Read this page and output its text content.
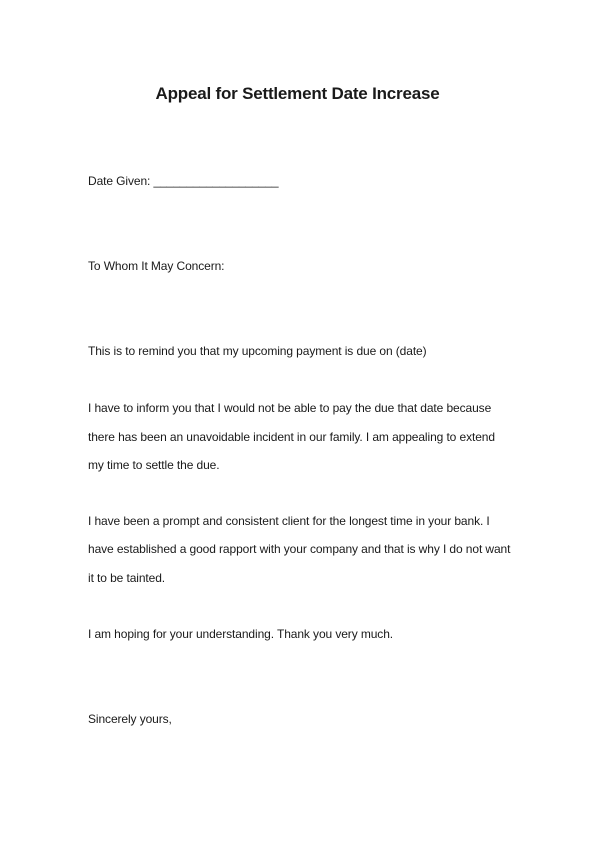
Appeal for Settlement Date Increase
Date Given: ___________________
To Whom It May Concern:
This is to remind you that my upcoming payment is due on (date)
I have to inform you that I would not be able to pay the due that date because
there has been an unavoidable incident in our family. I am appealing to extend
my time to settle the due.
I have been a prompt and consistent client for the longest time in your bank. I
have established a good rapport with your company and that is why I do not want
it to be tainted.
I am hoping for your understanding. Thank you very much.
Sincerely yours,
